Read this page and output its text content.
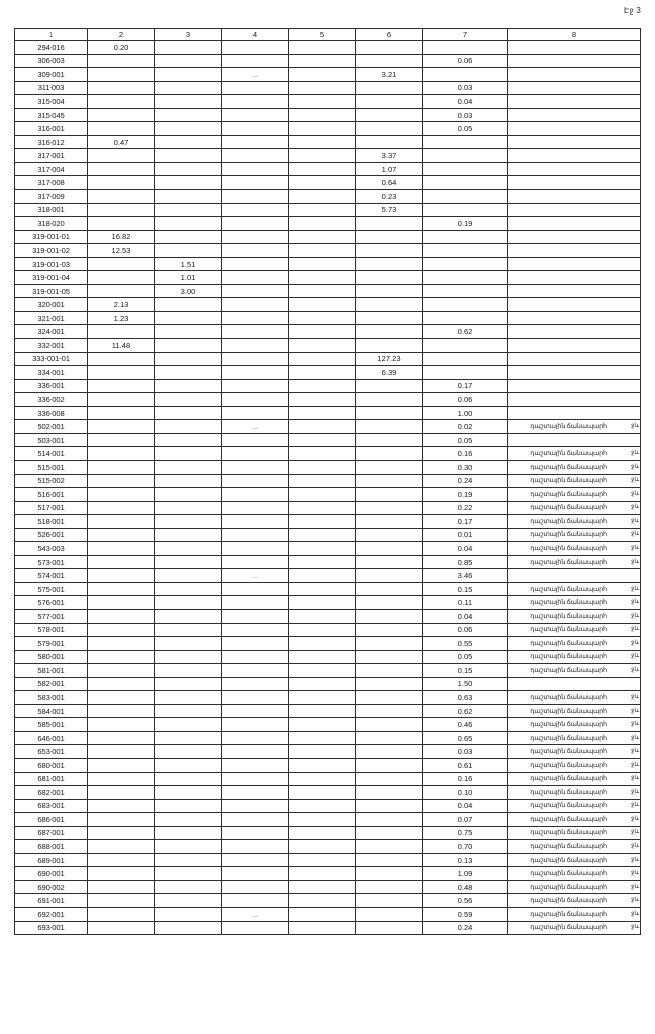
Էջ 3
1	2	3	4	5	6	7	8
294-016	0.20						
306-003						0.06	
309-001			...		3.21		
311-003						0.03	
315-004						0.04	
315-045						0.03	
316-001						0.05	
316-012	0.47						
317-001					3.37		
317-004					1.07		
317-008					0.64		
317-009					0.23		
318-001					5.73		
318-020						0.19	
319-001-01	16.82						
319-001-02	12.53						
319-001-03		1.51					
319-001-04		1.01					
319-001-05		3.00					
320-001	2.13						
321-001	1.23						
324-001						0.62	
332-001	11.48						
333-001-01					127.23		
334-001					6.39		
336-001						0.17	
336-002						0.06	
336-008						1.00	
502-001			...			0.02	դաշտային ճանապարհ ջև

503-001						0.05	
514-001						0.16	դաշտային ճանապարհ ջև

515-001						0.30	դաշտային ճանապարհ ջև

515-002						0.24	դաշտային ճանապարհ ջև

516-001						0.19	դաշտային ճանապարհ ջև

517-001						0.22	դաշտային ճանապարհ ջև

518-001						0.17	դաշտային ճանապարհ ջև

526-001						0.01	դաշտային ճանապարհ ջև

543-003						0.04	դաշտային ճանապարհ ջև

573-001						0.85	դաշտային ճանապարհ ջև

574-001			...			3.46	
575-001						0.15	դաշտային ճանապարհ ջև

576-001						0.11	դաշտային ճանապարհ ջև

577-001						0.04	դաշտային ճանապարհ ջև

578-001						0.06	դաշտային ճանապարհ ջև

579-001						0.55	դաշտային ճանապարհ ջև

580-001						0.05	դաշտային ճանապարհ ջև

581-001						0.15	դաշտային ճանապարհ ջև

582-001						1.50	
583-001						0.63	դաշտային ճանապարհ ջև

584-001						0.62	դաշտային ճանապարհ ջև

585-001						0.46	դաշտային ճանապարհ ջև

646-001						0.65	դաշտային ճանապարհ ջև

653-001						0.03	դաշտային ճանապարհ ջև

680-001						0.61	դաշտային ճանապարհ ջև

681-001						0.16	դաշտային ճանապարհ ջև

682-001						0.10	դաշտային ճանապարհ ջև

683-001						0.04	դաշտային ճանապարհ ջև

686-001						0.07	դաշտային ճանապարհ ջև

687-001						0.75	դաշտային ճանապարհ ջև

688-001						0.70	դաշտային ճանապարհ ջև

689-001						0.13	դաշտային ճանապարհ ջև

690-001						1.09	դաշտային ճանապարհ ջև

690-002						0.48	դաշտային ճանապարհ ջև

691-001						0.56	դաշտային ճանապարհ ջև

692-001			...			0.59	դաշտային ճանապարհ ջև

693-001						0.24	դաշտային ճանապարհ ջև
